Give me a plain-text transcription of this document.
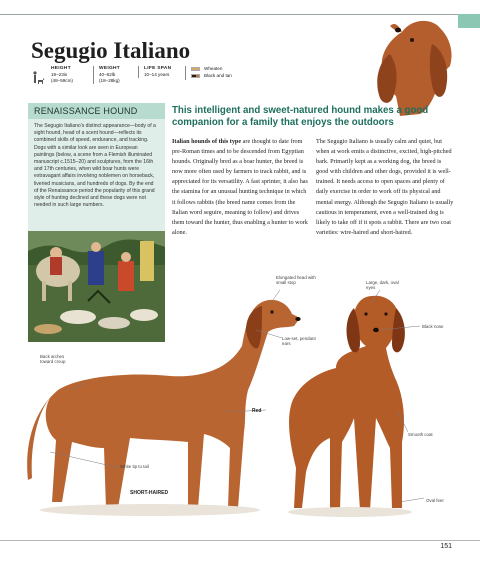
Segugio Italiano
HEIGHT
19–23in
(48–59cm)
WEIGHT
40–62lb
(18–28kg)
LIFE SPAN
10–14 years
Wheaten
Black and tan
RENAISSANCE HOUND
The Segugio Italiano's distinct appearance—body of a sight hound, head of a scent hound—reflects its combined skills of speed, endurance, and tracking. Dogs with a similar look are seen in European paintings (below, a scene from a Flemish illuminated manuscript c.1515–20) and sculptures, from the 16th and 17th centuries, when wild boar hunts were extravagant affairs involving noblemen on horseback, liveried musicians, and hundreds of dogs. By the end of the Renaissance period the popularity of this grand style of hunting declined and these dogs were not needed in such large numbers.
This intelligent and sweet-natured hound makes a good companion for a family that enjoys the outdoors
Italian hounds of this type are thought to date from pre-Roman times and to be descended from Egyptian hounds. Originally bred as a boar hunter, the breed is now more often used by farmers to track rabbit, and is appreciated for its versatility. A fast sprinter, it also has the stamina for an unusual hunting technique in which it follows rabbits (the breed name comes from the Italian word seguire, meaning to follow) and drives them toward the hunter, thus enabling a hunter to work alone.
The Segugio Italiano is usually calm and quiet, but when at work emits a distinctive, excited, high-pitched bark. Primarily kept as a working dog, the breed is good with children and other dogs, provided it is well-trained. It needs access to open spaces and plenty of daily exercise in order to work off its physical and mental energy. Although the Segugio Italiano is usually cautious in temperament, even a well-trained dog is likely to take off if it spots a rabbit. There are two coat varieties: wire-haired and short-haired.
Elongated head with small stop	Large, dark, oval eyes
Black nose
Low-set, pendant ears
Back arches toward croup
Red
Smooth coat
White tip to tail
SHORT-HAIRED
Oval feet
151
